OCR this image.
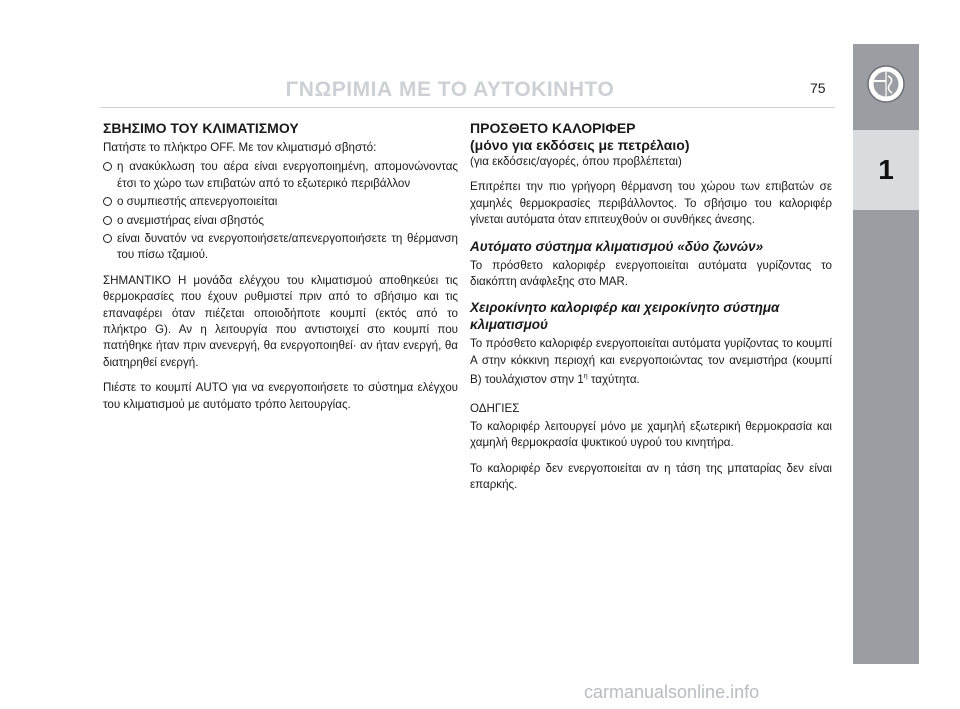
ΓΝΩΡΙΜΙΑ ΜΕ ΤΟ ΑΥΤΟΚΙΝΗΤΟ	75
1
ΣΒΗΣΙΜΟ ΤΟΥ ΚΛΙΜΑΤΙΣΜΟΥ

Πατήστε το πλήκτρο OFF. Με τον κλιματισμό σβηστό:

η ανακύκλωση του αέρα είναι ενεργοποιημένη, απομονώνοντας έτσι το χώρο των επιβατών από το εξωτερικό περιβάλλον
ο συμπιεστής απενεργοποιείται
ο ανεμιστήρας είναι σβηστός
είναι δυνατόν να ενεργοποιήσετε/απενεργοποιήσετε τη θέρμανση του πίσω τζαμιού.

ΣΗΜΑΝΤΙΚΟ Η μονάδα ελέγχου του κλιματισμού αποθηκεύει τις θερμοκρασίες που έχουν ρυθμιστεί πριν από το σβήσιμο και τις επαναφέρει όταν πιέζεται οποιοδήποτε κουμπί (εκτός από το πλήκτρο G). Αν η λειτουργία που αντιστοιχεί στο κουμπί που πατήθηκε ήταν πριν ανενεργή, θα ενεργοποιηθεί· αν ήταν ενεργή, θα διατηρηθεί ενεργή.

Πιέστε το κουμπί AUTO για να ενεργοποιήσετε το σύστημα ελέγχου του κλιματισμού με αυτόματο τρόπο λειτουργίας.

ΠΡΟΣΘΕΤΟ ΚΑΛΟΡΙΦΕΡ
(μόνο για εκδόσεις με πετρέλαιο)

(για εκδόσεις/αγορές, όπου προβλέπεται)

Επιτρέπει την πιο γρήγορη θέρμανση του χώρου των επιβατών σε χαμηλές θερμοκρασίες περιβάλλοντος. Το σβήσιμο του καλοριφέρ γίνεται αυτόματα όταν επιτευχθούν οι συνθήκες άνεσης.

Αυτόματο σύστημα κλιματισμού «δύο ζωνών»

Το πρόσθετο καλοριφέρ ενεργοποιείται αυτόματα γυρίζοντας το διακόπτη ανάφλεξης στο MAR.

Χειροκίνητο καλοριφέρ και χειροκίνητο σύστημα κλιματισμού

Το πρόσθετο καλοριφέρ ενεργοποιείται αυτόματα γυρίζοντας το κουμπί A στην κόκκινη περιοχή και ενεργοποιώντας τον ανεμιστήρα (κουμπί B) τουλάχιστον στην $1^\eta$ ταχύτητα.

ΟΔΗΓΙΕΣ

Το καλοριφέρ λειτουργεί μόνο με χαμηλή εξωτερική θερμοκρασία και χαμηλή θερμοκρασία ψυκτικού υγρού του κινητήρα.

Το καλοριφέρ δεν ενεργοποιείται αν η τάση της μπαταρίας δεν είναι επαρκής.

carmanualsonline.info
